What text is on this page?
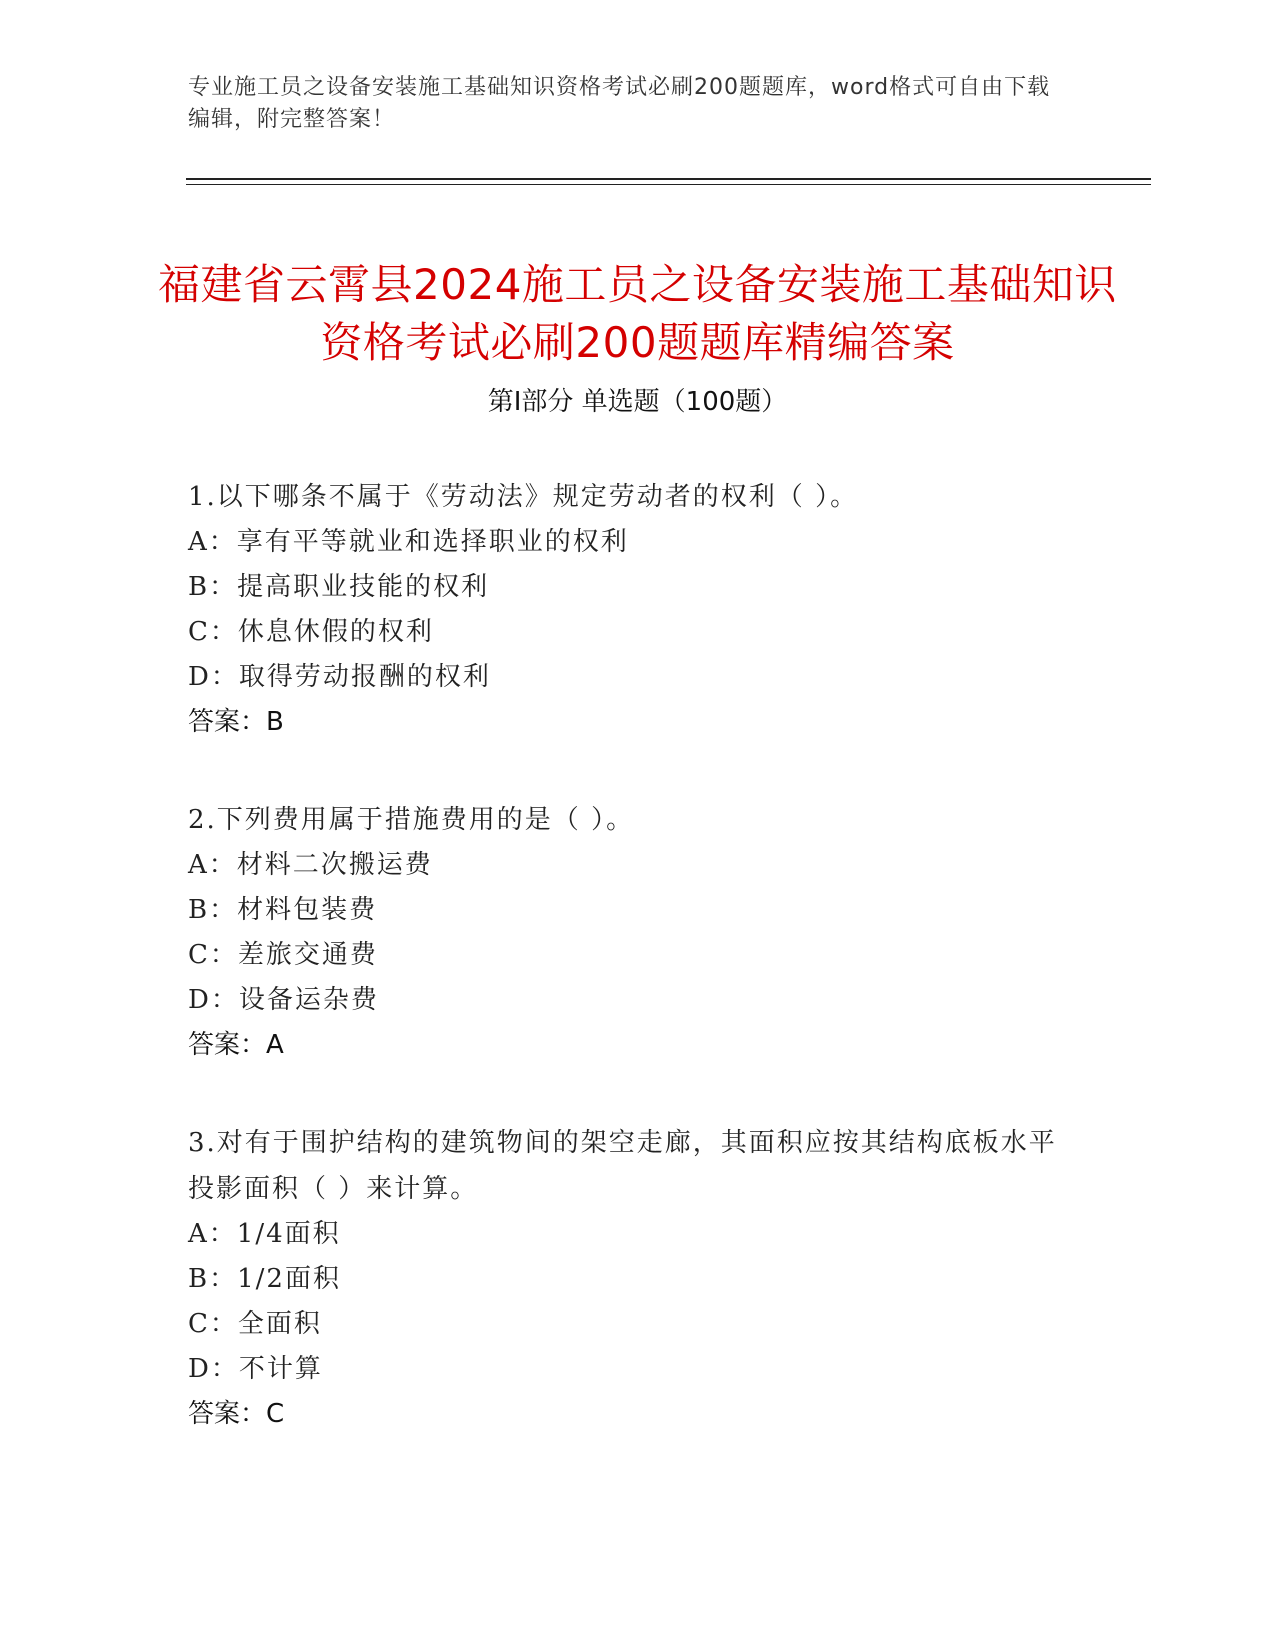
专业施工员之设备安装施工基础知识资格考试必刷200题题库，word格式可自由下载编辑，附完整答案！
福建省云霄县2024施工员之设备安装施工基础知识资格考试必刷200题题库精编答案
第Ⅰ部分 单选题（100题）
1.以下哪条不属于《劳动法》规定劳动者的权利（ ）。
A：享有平等就业和选择职业的权利
B：提高职业技能的权利
C：休息休假的权利
D：取得劳动报酬的权利
答案：B
2.下列费用属于措施费用的是（ ）。
A：材料二次搬运费
B：材料包装费
C：差旅交通费
D：设备运杂费
答案：A
3.对有于围护结构的建筑物间的架空走廊，其面积应按其结构底板水平投影面积（ ）来计算。
A：1/4面积
B：1/2面积
C：全面积
D：不计算
答案：C
